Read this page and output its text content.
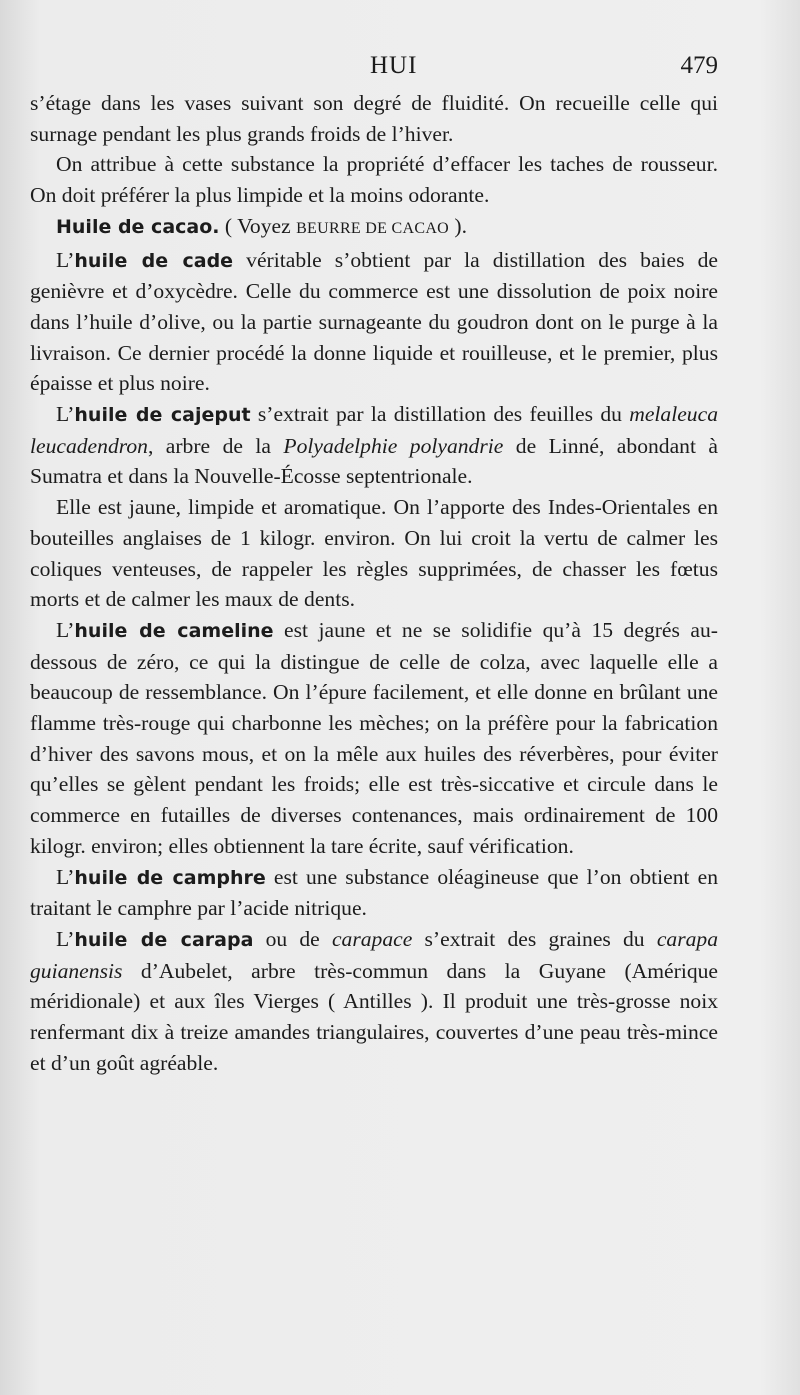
HUI	479

s’étage dans les vases suivant son degré de fluidité. On recueille celle qui surnage pendant les plus grands froids de l’hiver.

On attribue à cette substance la propriété d’effacer les taches de rousseur. On doit préférer la plus limpide et la moins odorante.

Huile de cacao. ( Voyez BEURRE DE CACAO ).

L’huile de cade véritable s’obtient par la distillation des baies de genièvre et d’oxycèdre. Celle du commerce est une dissolution de poix noire dans l’huile d’olive, ou la partie surnageante du goudron dont on le purge à la livraison. Ce dernier procédé la donne liquide et rouilleuse, et le premier, plus épaisse et plus noire.

L’huile de cajeput s’extrait par la distillation des feuilles du melaleuca leucadendron, arbre de la Polyadelphie polyandrie de Linné, abondant à Sumatra et dans la Nouvelle-Écosse septentrionale.

Elle est jaune, limpide et aromatique. On l’apporte des Indes-Orientales en bouteilles anglaises de 1 kilogr. environ. On lui croit la vertu de calmer les coliques venteuses, de rappeler les règles supprimées, de chasser les fœtus morts et de calmer les maux de dents.

L’huile de cameline est jaune et ne se solidifie qu’à 15 degrés au-dessous de zéro, ce qui la distingue de celle de colza, avec laquelle elle a beaucoup de ressemblance. On l’épure facilement, et elle donne en brûlant une flamme très-rouge qui charbonne les mèches; on la préfère pour la fabrication d’hiver des savons mous, et on la mêle aux huiles des réverbères, pour éviter qu’elles se gèlent pendant les froids; elle est très-siccative et circule dans le commerce en futailles de diverses contenances, mais ordinairement de 100 kilogr. environ; elles obtiennent la tare écrite, sauf vérification.

L’huile de camphre est une substance oléagineuse que l’on obtient en traitant le camphre par l’acide nitrique.

L’huile de carapa ou de carapace s’extrait des graines du carapa guianensis d’Aubelet, arbre très-commun dans la Guyane (Amérique méridionale) et aux îles Vierges ( Antilles ). Il produit une très-grosse noix renfermant dix à treize amandes triangulaires, couvertes d’une peau très-mince et d’un goût agréable.
